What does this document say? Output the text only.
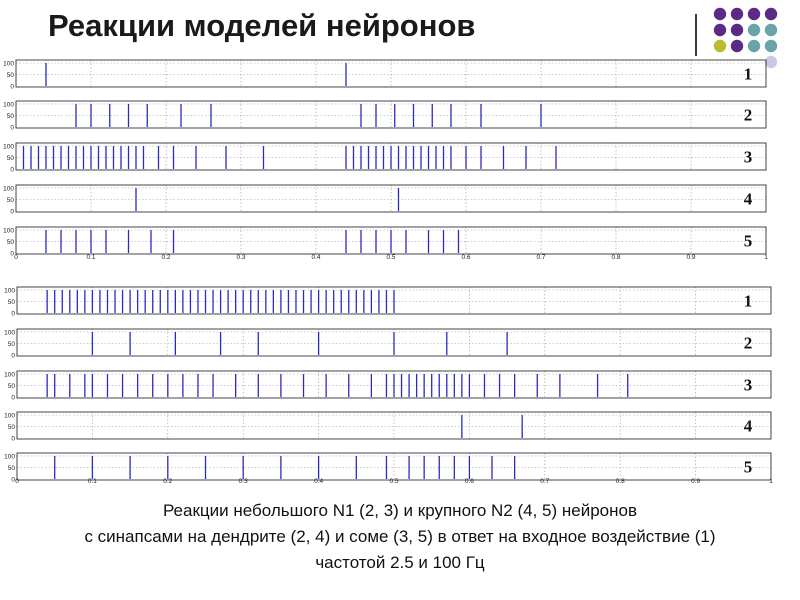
Реакции моделей нейронов
100
50
0
1
100
50
0
2
100
50
0
3
100
50
0
4
100
50
0
5
0	0.1	0.2	0.3	0.4	0.5	0.6	0.7	0.8	0.9	1
100
50
0
1
100
50
0
2
100
50
0
3
100
50
0
4
100
50
0
5
0	0.1	0.2	0.3	0.4	0.5	0.6	0.7	0.8	0.9	1
Реакции небольшого N1 (2, 3) и крупного N2 (4, 5) нейронов
с синапсами на дендрите (2, 4) и соме (3, 5) в ответ на входное воздействие (1)
частотой 2.5 и 100 Гц
